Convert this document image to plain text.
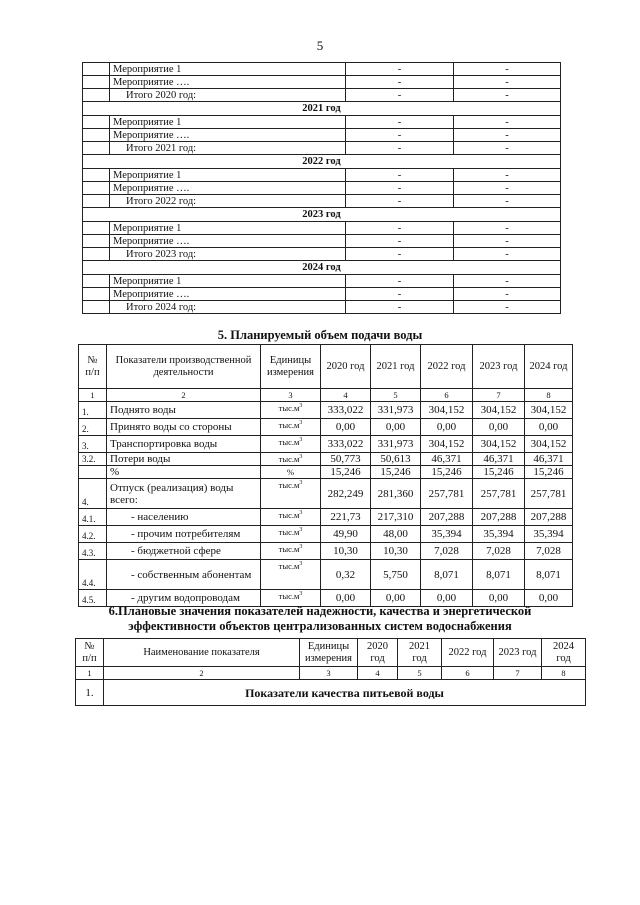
5
	Мероприятие 1	-	-
	Мероприятие ….	-	-
	Итого 2020 год:	-	-
2021 год			
	Мероприятие 1	-	-
	Мероприятие ….	-	-
	Итого 2021 год:	-	-
2022 год			
	Мероприятие 1	-	-
	Мероприятие ….	-	-
	Итого 2022 год:	-	-
2023 год			
	Мероприятие 1	-	-
	Мероприятие ….	-	-
	Итого 2023 год:	-	-
2024 год			
	Мероприятие 1	-	-
	Мероприятие ….	-	-
	Итого 2024 год:	-	-
5. Планируемый объем подачи воды
№ п/п	Показатели производственной деятельности	Единицы измерения	2020 год	2021 год	2022 год	2023 год	2024 год
1	2	3	4	5	6	7	8
1.	Поднято воды	$тыс.м^3$	333,022	331,973	304,152	304,152	304,152
2.	Принято воды со стороны	$тыс.м^3$	0,00	0,00	0,00	0,00	0,00
3.	Транспортировка воды	$тыс.м^3$	333,022	331,973	304,152	304,152	304,152
3.2.	Потери воды	$тыс.м^3$	50,773	50,613	46,371	46,371	46,371
	%	%	15,246	15,246	15,246	15,246	15,246
4.	Отпуск (реализация) воды всего:	$тыс.м^3$	282,249	281,360	257,781	257,781	257,781
4.1.	- населению	$тыс.м^3$	221,73	217,310	207,288	207,288	207,288
4.2.	- прочим потребителям	$тыс.м^3$	49,90	48,00	35,394	35,394	35,394
4.3.	- бюджетной сфере	$тыс.м^3$	10,30	10,30	7,028	7,028	7,028
4.4.	- собственным абонентам	$тыс.м^3$	0,32	5,750	8,071	8,071	8,071
4.5.	- другим водопроводам	$тыс.м^3$	0,00	0,00	0,00	0,00	0,00
6.Плановые значения показателей надежности, качества и энергетической
эффективности объектов централизованных систем водоснабжения
№ п/п	Наименование показателя	Единицы измерения	2020 год	2021 год	2022 год	2023 год	2024 год
1	2	3	4	5	6	7	8
1.	Показатели качества питьевой воды						
